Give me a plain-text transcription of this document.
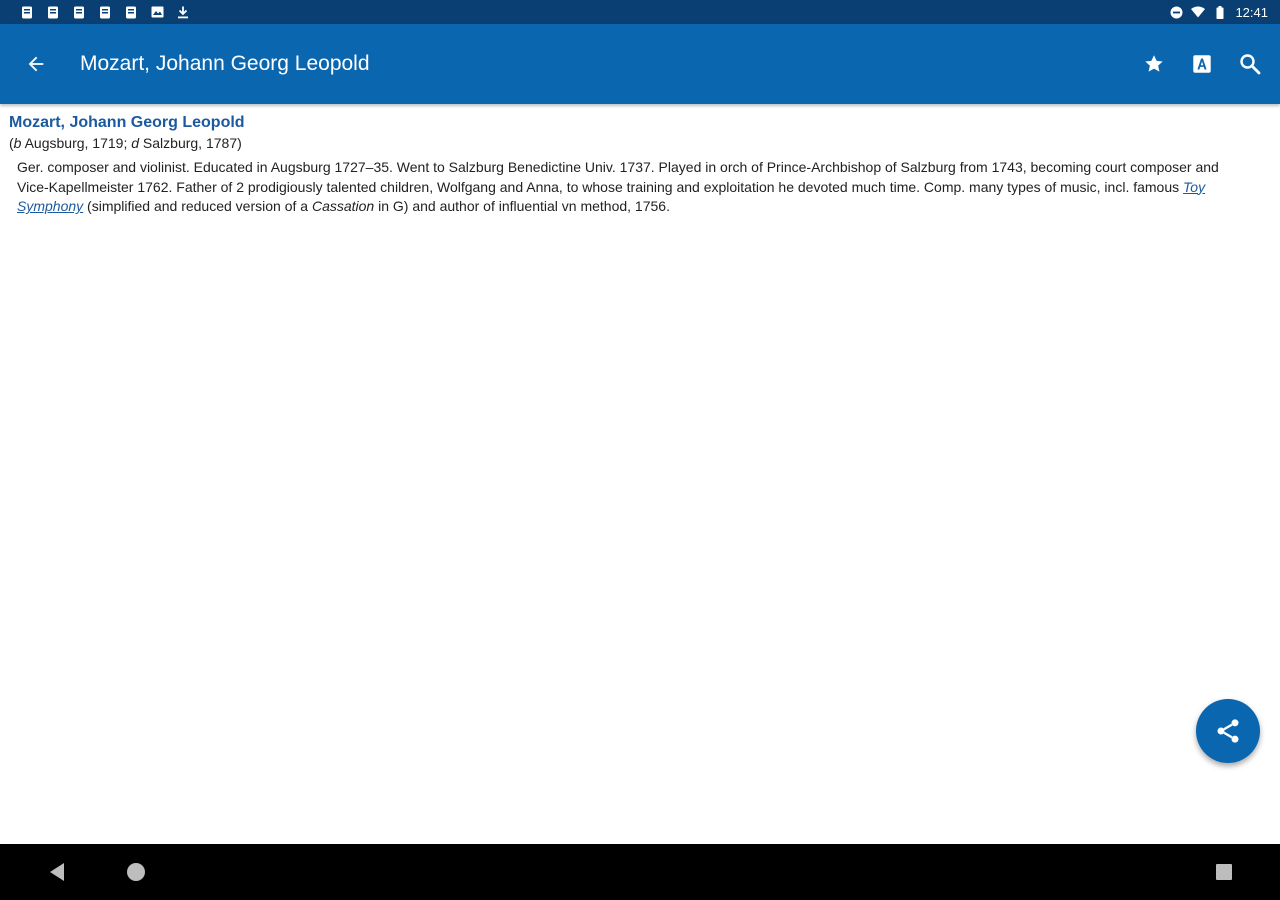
12:41
Mozart, Johann Georg Leopold
Mozart, Johann Georg Leopold
(b Augsburg, 1719; d Salzburg, 1787)
Ger. composer and violinist. Educated in Augsburg 1727–35. Went to Salzburg Benedictine Univ. 1737. Played in orch of Prince-Archbishop of Salzburg from 1743, becoming court composer and Vice-Kapellmeister 1762. Father of 2 prodigiously talented children, Wolfgang and Anna, to whose training and exploitation he devoted much time. Comp. many types of music, incl. famous Toy Symphony (simplified and reduced version of a Cassation in G) and author of influential vn method, 1756.
